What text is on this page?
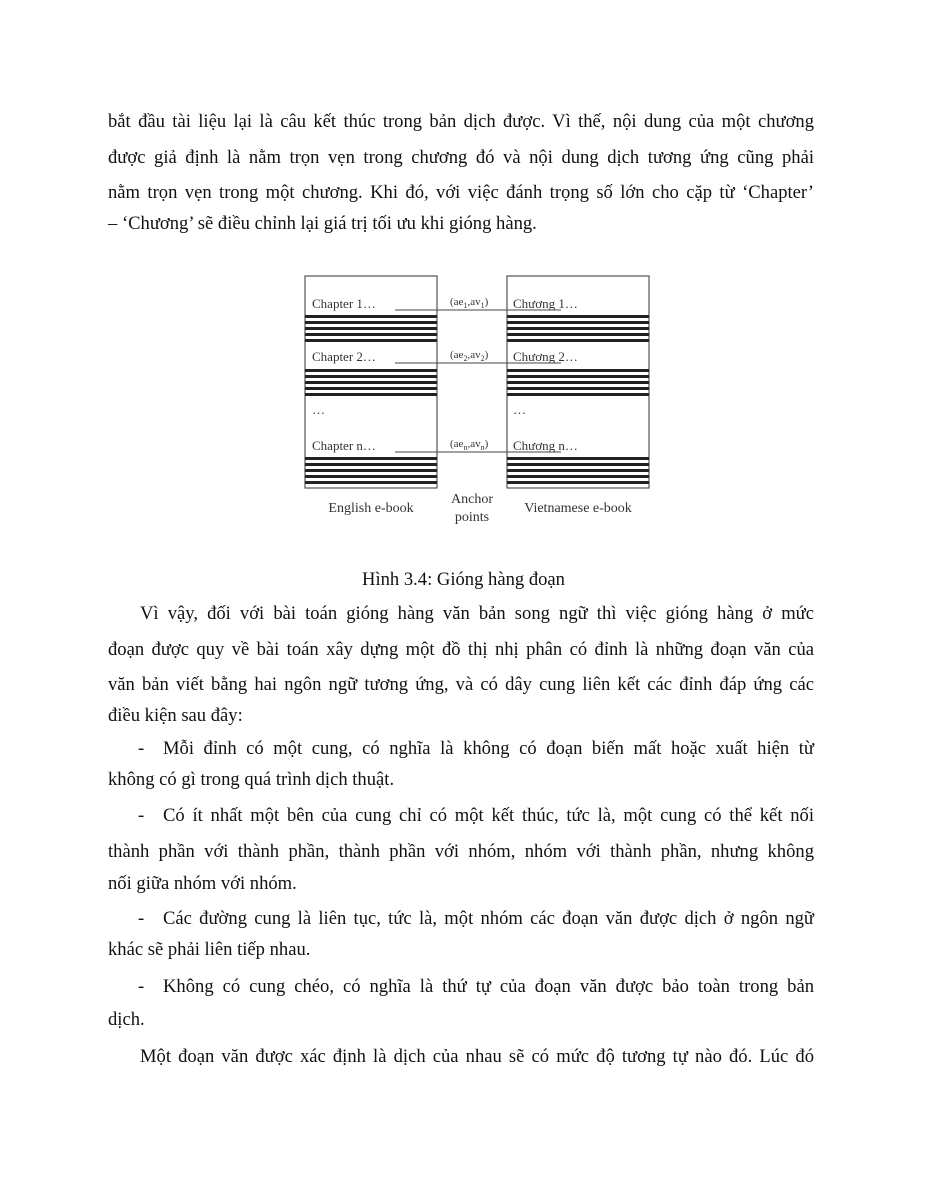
bắt đầu tài liệu lại là câu kết thúc trong bản dịch được. Vì thế, nội dung của một chương
được giả định là nằm trọn vẹn trong chương đó và nội dung dịch tương ứng cũng phải
nằm trọn vẹn trong một chương. Khi đó, với việc đánh trọng số lớn cho cặp từ ‘Chapter’
– ‘Chương’ sẽ điều chỉnh lại giá trị tối ưu khi gióng hàng.
Chapter 1…
Chapter 2…
…
Chapter n…
Chương 1…
Chương 2…
…
Chương n…
$(ae_1,av_1)$
$(ae_2,av_2)$
$(ae_n,av_n)$
English e-book
Anchor
points
Vietnamese e-book
Hình 3.4: Gióng hàng đoạn
Vì vậy, đối với bài toán gióng hàng văn bản song ngữ thì việc gióng hàng ở mức
đoạn được quy về bài toán xây dựng một đồ thị nhị phân có đỉnh là những đoạn văn của
văn bản viết bằng hai ngôn ngữ tương ứng, và có dây cung liên kết các đỉnh đáp ứng các
điều kiện sau đây:
- Mỗi đỉnh có một cung, có nghĩa là không có đoạn biến mất hoặc xuất hiện từ
không có gì trong quá trình dịch thuật.
- Có ít nhất một bên của cung chỉ có một kết thúc, tức là, một cung có thể kết nối
thành phần với thành phần, thành phần với nhóm, nhóm với thành phần, nhưng không
nối giữa nhóm với nhóm.
- Các đường cung là liên tục, tức là, một nhóm các đoạn văn được dịch ở ngôn ngữ
khác sẽ phải liên tiếp nhau.
- Không có cung chéo, có nghĩa là thứ tự của đoạn văn được bảo toàn trong bản
dịch.
Một đoạn văn được xác định là dịch của nhau sẽ có mức độ tương tự nào đó. Lúc đó
